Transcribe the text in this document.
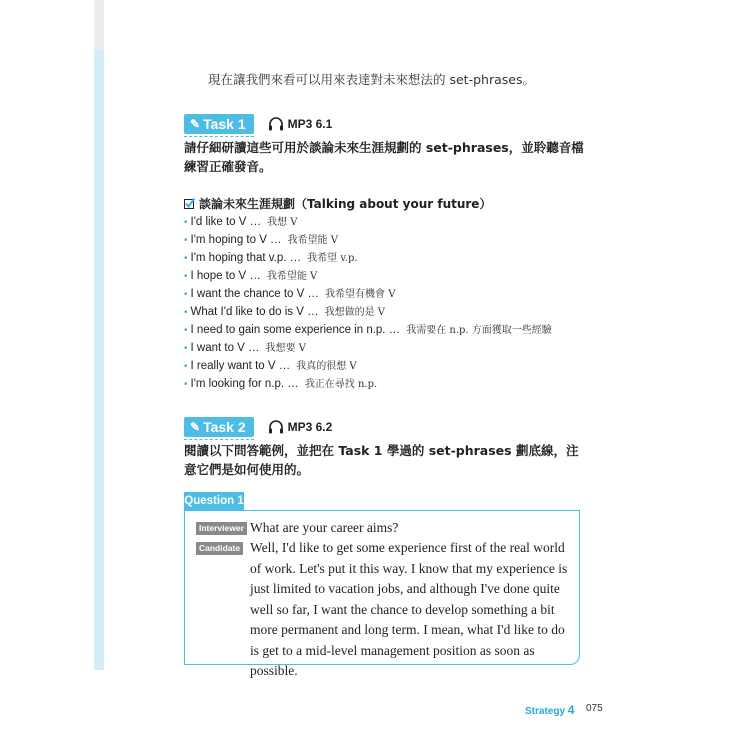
現在讓我們來看可以用來表達對未來想法的 set-phrases。
✎ Task 1	MP3 6.1
請仔細研讀這些可用於談論未來生涯規劃的 set-phrases，並聆聽音檔練習正確發音。
談論未來生涯規劃（Talking about your future）
• I'd like to V … 我想 V
• I'm hoping to V … 我希望能 V
• I'm hoping that v.p. … 我希望 v.p.
• I hope to V … 我希望能 V
• I want the chance to V … 我希望有機會 V
• What I'd like to do is V … 我想做的是 V
• I need to gain some experience in n.p. … 我需要在 n.p. 方面獲取一些經驗
• I want to V … 我想要 V
• I really want to V … 我真的很想 V
• I'm looking for n.p. … 我正在尋找 n.p.
✎ Task 2	MP3 6.2
閱讀以下問答範例，並把在 Task 1 學過的 set-phrases 劃底線，注意它們是如何使用的。
Question 1
Interviewer What are your career aims?
Candidate Well, I'd like to get some experience first of the real world of work. Let's put it this way. I know that my experience is just limited to vacation jobs, and although I've done quite well so far, I want the chance to develop something a bit more permanent and long term. I mean, what I'd like to do is get to a mid-level management position as soon as possible.
Strategy 4 075
